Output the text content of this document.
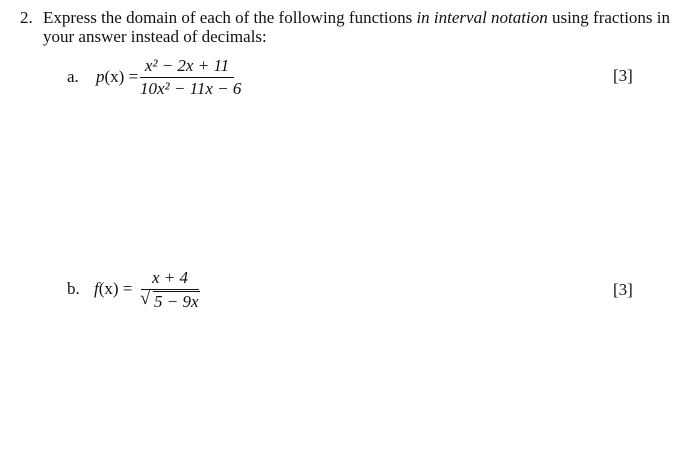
2. Express the domain of each of the following functions in interval notation using fractions in your answer instead of decimals:
a. p(x) =
x² − 2x + 11
10x² − 11x − 6
[3]
b. f(x) =
x + 4
√ 5 − 9x
[3]
